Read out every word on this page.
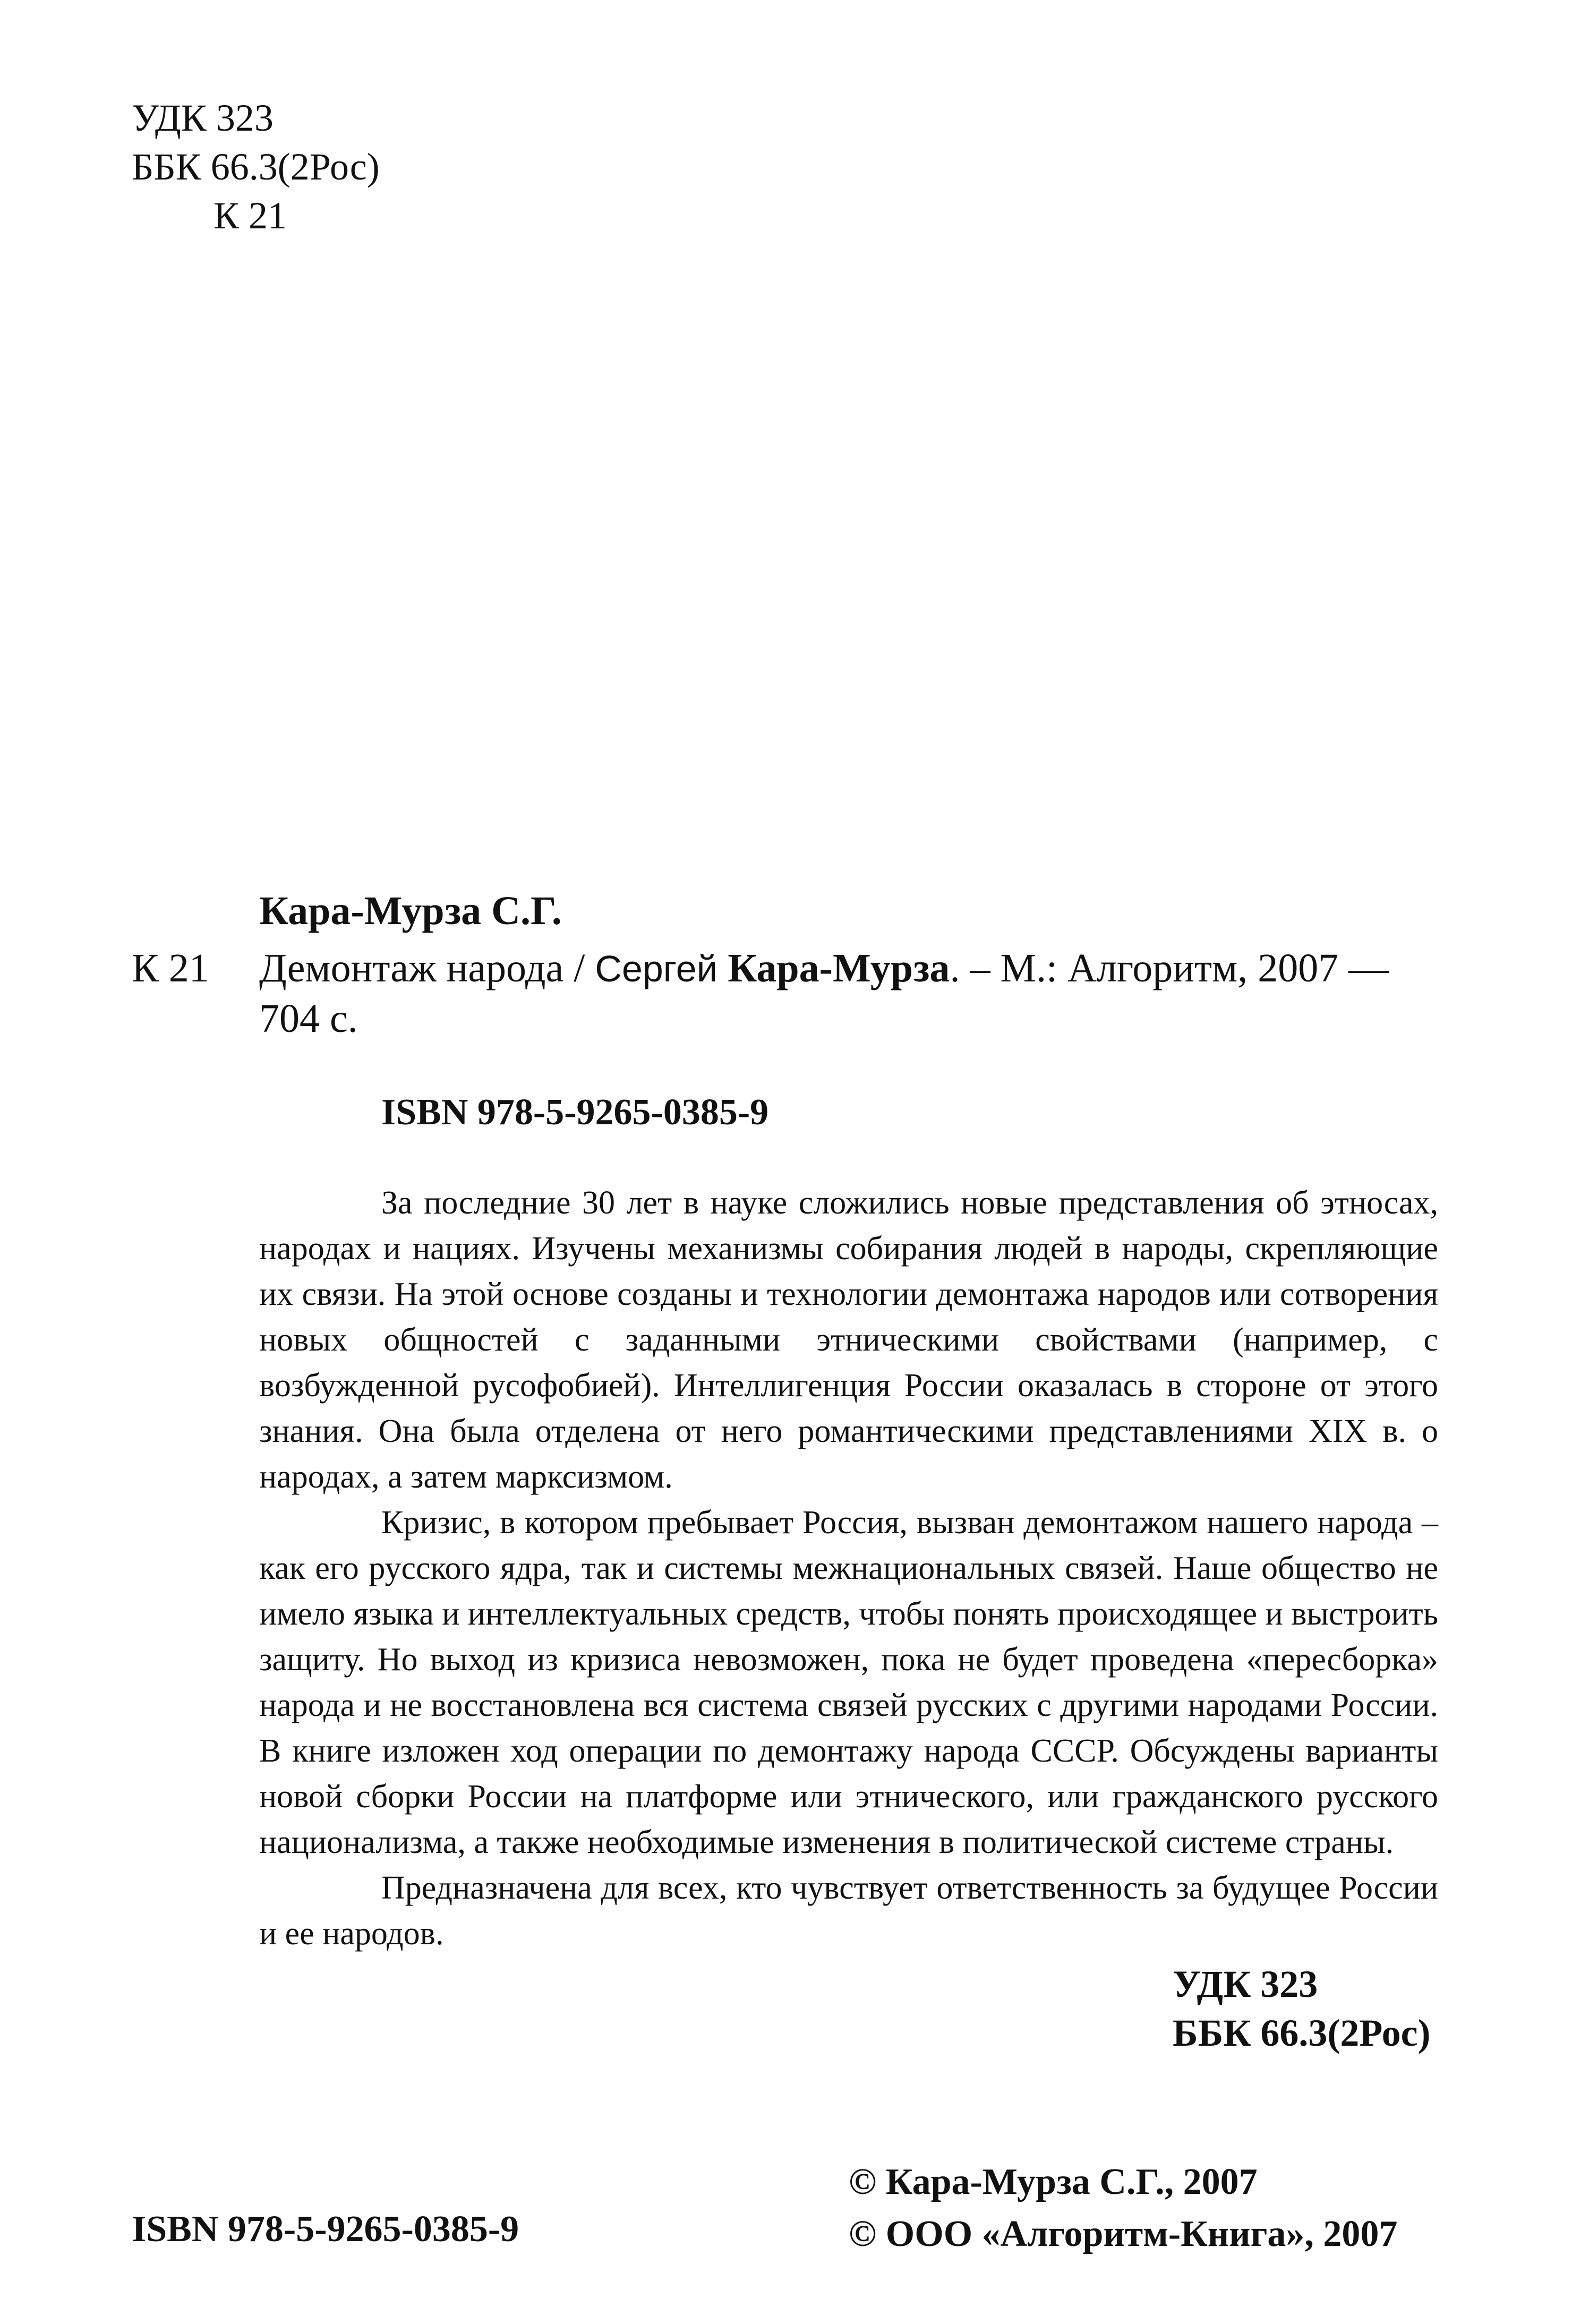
УДК 323
ББК 66.3(2Рос)
К 21
Кара-Мурза С.Г.
К 21 Демонтаж народа / Сергей Кара-Мурза. – М.: Алгоритм, 2007 —
704 с.
ISBN 978-5-9265-0385-9

За последние 30 лет в науке сложились новые представления об этносах, народах и нациях. Изучены механизмы собирания людей в народы, скрепляющие их связи. На этой основе созданы и технологии демонтажа народов или сотворения новых общностей с заданными этническими свойствами (например, с возбужденной русофобией). Интеллигенция России оказалась в стороне от этого знания. Она была отделена от него романтическими представлениями XIX в. о народах, а затем марксизмом.

Кризис, в котором пребывает Россия, вызван демонтажом нашего народа – как его русского ядра, так и системы межнациональных связей. Наше общество не имело языка и интеллектуальных средств, чтобы понять происходящее и выстроить защиту. Но выход из кризиса невозможен, пока не будет проведена «пересборка» народа и не восстановлена вся система связей русских с другими народами России. В книге изложен ход операции по демонтажу народа СССР. Обсуждены варианты новой сборки России на платформе или этнического, или гражданского русского национализма, а также необходимые изменения в политической системе страны.

Предназначена для всех, кто чувствует ответственность за будущее России и ее народов.

УДК 323
ББК 66.3(2Рос)
© Кара-Мурза С.Г., 2007
© ООО «Алгоритм-Книга», 2007
ISBN 978-5-9265-0385-9
